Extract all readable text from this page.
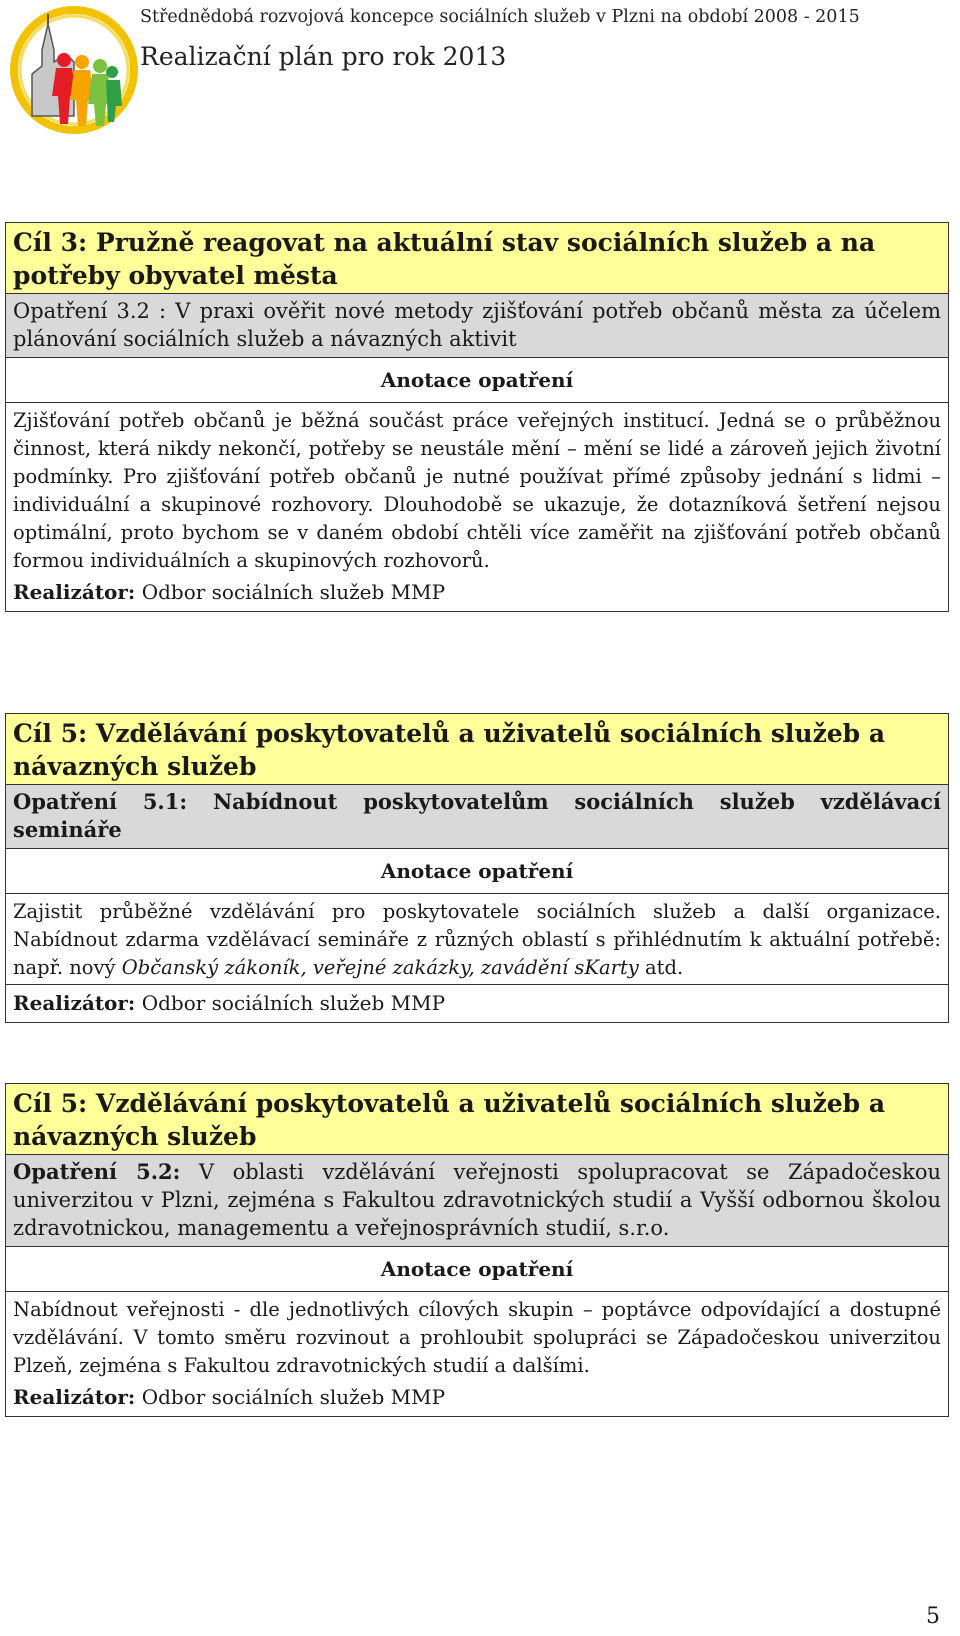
Střednědobá rozvojová koncepce sociálních služeb v Plzni na období 2008 - 2015
Realizační plán pro rok 2013
Cíl 3: Pružně reagovat na aktuální stav sociálních služeb a na potřeby obyvatel města
Opatření 3.2 : V praxi ověřit nové metody zjišťování potřeb občanů města za účelem plánování sociálních služeb a návazných aktivit
Anotace opatření
Zjišťování potřeb občanů je běžná součást práce veřejných institucí. Jedná se o průběžnou činnost, která nikdy nekončí, potřeby se neustále mění – mění se lidé a zároveň jejich životní podmínky. Pro zjišťování potřeb občanů je nutné používat přímé způsoby jednání s lidmi – individuální a skupinové rozhovory. Dlouhodobě se ukazuje, že dotazníková šetření nejsou optimální, proto bychom se v daném období chtěli více zaměřit na zjišťování potřeb občanů formou individuálních a skupinových rozhovorů.
Realizátor: Odbor sociálních služeb MMP
Cíl 5: Vzdělávání poskytovatelů a uživatelů sociálních služeb a návazných služeb
Opatření 5.1: Nabídnout poskytovatelům sociálních služeb vzdělávací semináře
Anotace opatření
Zajistit průběžné vzdělávání pro poskytovatele sociálních služeb a další organizace. Nabídnout zdarma vzdělávací semináře z různých oblastí s přihlédnutím k aktuální potřebě: např. nový Občanský zákoník, veřejné zakázky, zavádění sKarty atd.
Realizátor: Odbor sociálních služeb MMP
Cíl 5: Vzdělávání poskytovatelů a uživatelů sociálních služeb a návazných služeb
Opatření 5.2: V oblasti vzdělávání veřejnosti spolupracovat se Západočeskou univerzitou v Plzni, zejména s Fakultou zdravotnických studií a Vyšší odbornou školou zdravotnickou, managementu a veřejnosprávních studií, s.r.o.
Anotace opatření
Nabídnout veřejnosti - dle jednotlivých cílových skupin – poptávce odpovídající a dostupné vzdělávání. V tomto směru rozvinout a prohloubit spolupráci se Západočeskou univerzitou Plzeň, zejména s Fakultou zdravotnických studií a dalšími.
Realizátor: Odbor sociálních služeb MMP
5
